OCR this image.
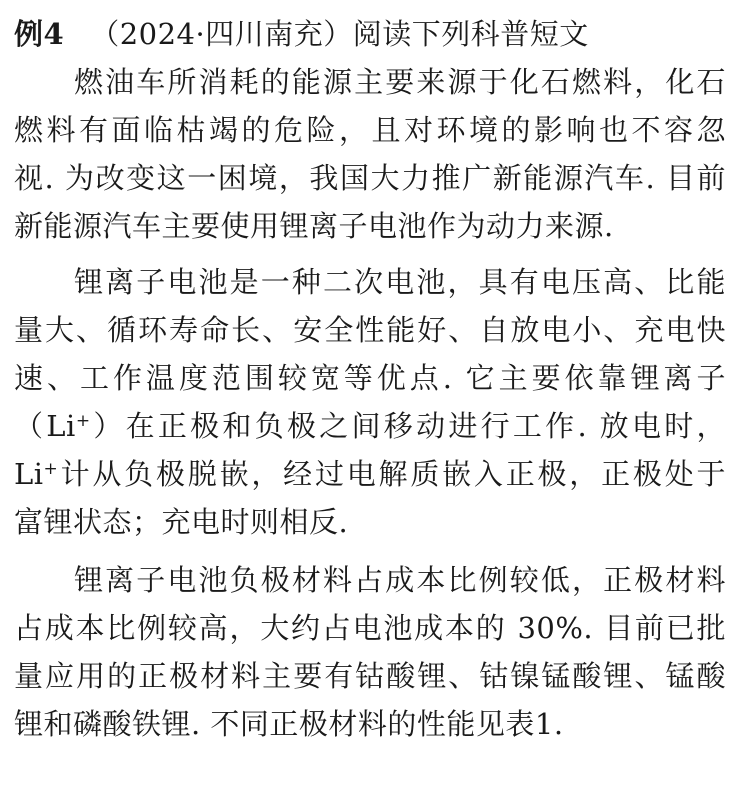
例4 （2024·四川南充）阅读下列科普短文
燃油车所消耗的能源主要来源于化石燃料，化石
燃料有面临枯竭的危险，且对环境的影响也不容忽
视. 为改变这一困境，我国大力推广新能源汽车. 目前
新能源汽车主要使用锂离子电池作为动力来源.
锂离子电池是一种二次电池，具有电压高、比能
量大、循环寿命长、安全性能好、自放电小、充电快
速、工作温度范围较宽等优点. 它主要依靠锂离子
（Li+）在正极和负极之间移动进行工作. 放电时，
Li+计从负极脱嵌，经过电解质嵌入正极，正极处于
富锂状态；充电时则相反.
锂离子电池负极材料占成本比例较低，正极材料
占成本比例较高，大约占电池成本的 30%. 目前已批
量应用的正极材料主要有钴酸锂、钴镍锰酸锂、锰酸
锂和磷酸铁锂. 不同正极材料的性能见表1.
